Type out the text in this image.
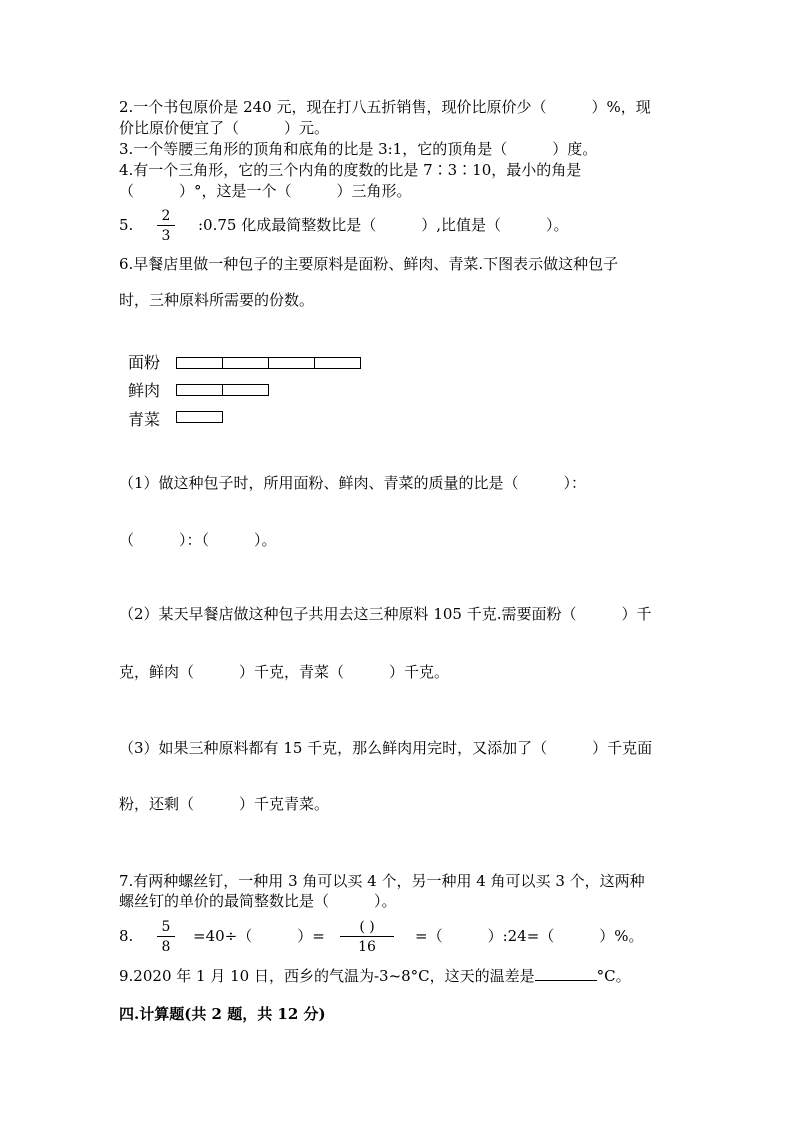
2.一个书包原价是 240 元，现在打八五折销售，现价比原价少（　　　）%，现
价比原价便宜了（　　　）元。
3.一个等腰三角形的顶角和底角的比是 3:1，它的顶角是（　　　）度。
4.有一个三角形，它的三个内角的度数的比是 7∶3∶10，最小的角是
（　　　）°，这是一个（　　　）三角形。
5.	2
3
:0.75 化成最简整数比是（　　　）,比值是（　　　）。
6.早餐店里做一种包子的主要原料是面粉、鲜肉、青菜.下图表示做这种包子
时，三种原料所需要的份数。
面粉
鲜肉
青菜
（1）做这种包子时，所用面粉、鲜肉、青菜的质量的比是（　　　）：
（　　　）：（　　　）。
（2）某天早餐店做这种包子共用去这三种原料 105 千克.需要面粉（　　　）千
克，鲜肉（　　　）千克，青菜（　　　）千克。
（3）如果三种原料都有 15 千克，那么鲜肉用完时，又添加了（　　　）千克面
粉，还剩（　　　）千克青菜。
7.有两种螺丝钉，一种用 3 角可以买 4 个，另一种用 4 角可以买 3 个，这两种
螺丝钉的单价的最简整数比是（　　　）。
8.	5
8
=40÷（　　　）=	( )
16
=（　　　）:24=（　　　）%。
9.2020 年 1 月 10 日，西乡的气温为-3~8°C，这天的温差是	°C。
四.计算题(共 2 题，共 12 分)
